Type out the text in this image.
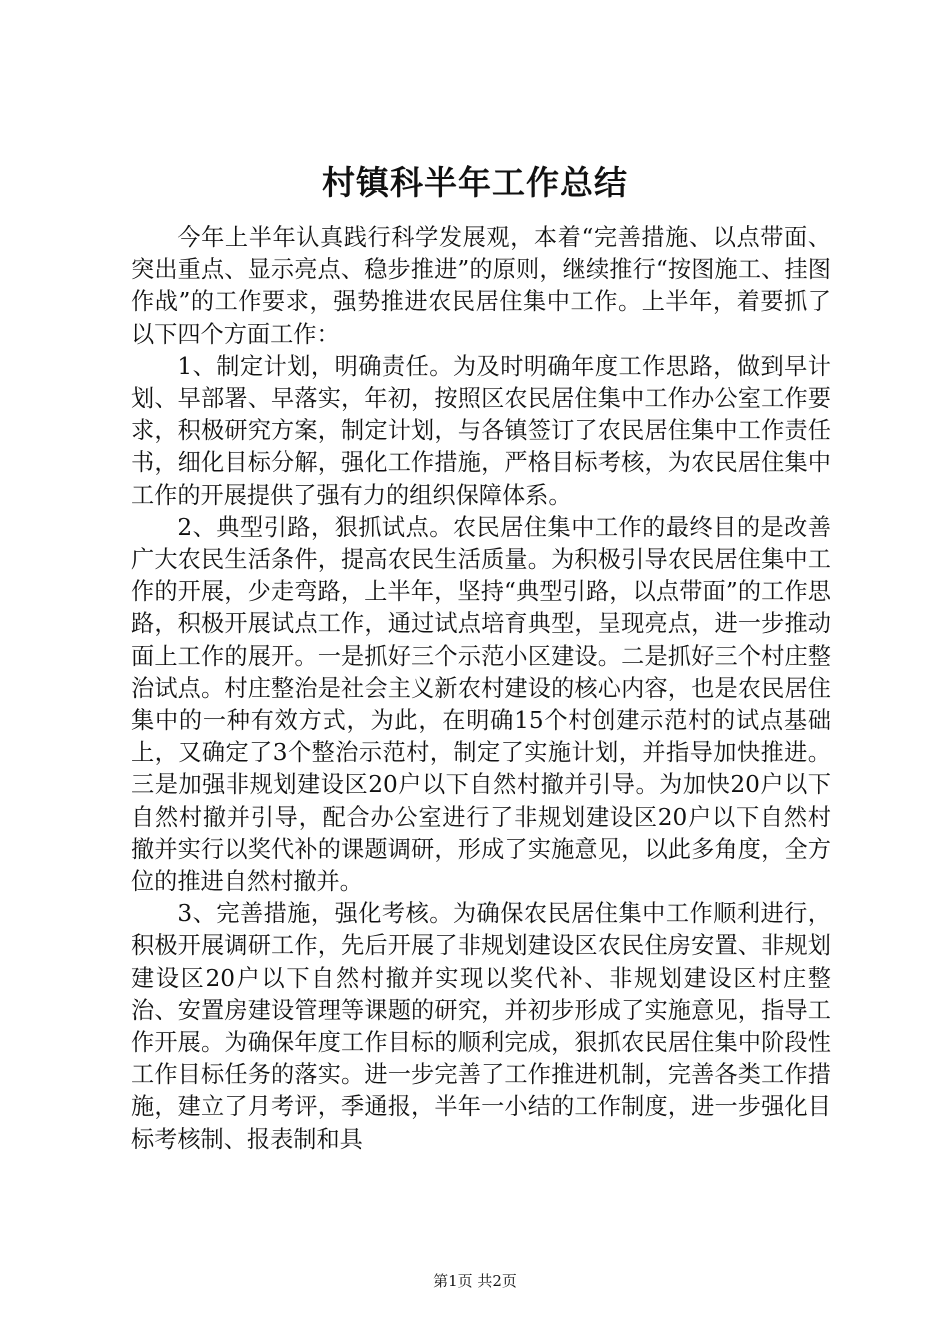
村镇科半年工作总结

今年上半年认真践行科学发展观，本着“完善措施、以点带面、突出重点、显示亮点、稳步推进”的原则，继续推行“按图施工、挂图作战”的工作要求，强势推进农民居住集中工作。上半年，着要抓了以下四个方面工作：

1、制定计划，明确责任。为及时明确年度工作思路，做到早计划、早部署、早落实，年初，按照区农民居住集中工作办公室工作要求，积极研究方案，制定计划，与各镇签订了农民居住集中工作责任书，细化目标分解，强化工作措施，严格目标考核，为农民居住集中工作的开展提供了强有力的组织保障体系。

2、典型引路，狠抓试点。农民居住集中工作的最终目的是改善广大农民生活条件，提高农民生活质量。为积极引导农民居住集中工作的开展，少走弯路，上半年，坚持“典型引路，以点带面”的工作思路，积极开展试点工作，通过试点培育典型，呈现亮点，进一步推动面上工作的展开。一是抓好三个示范小区建设。二是抓好三个村庄整治试点。村庄整治是社会主义新农村建设的核心内容，也是农民居住集中的一种有效方式，为此，在明确15个村创建示范村的试点基础上，又确定了3个整治示范村，制定了实施计划，并指导加快推进。三是加强非规划建设区20户以下自然村撤并引导。为加快20户以下自然村撤并引导，配合办公室进行了非规划建设区20户以下自然村撤并实行以奖代补的课题调研，形成了实施意见，以此多角度，全方位的推进自然村撤并。

3、完善措施，强化考核。为确保农民居住集中工作顺利进行，积极开展调研工作，先后开展了非规划建设区农民住房安置、非规划建设区20户以下自然村撤并实现以奖代补、非规划建设区村庄整治、安置房建设管理等课题的研究，并初步形成了实施意见，指导工作开展。为确保年度工作目标的顺利完成，狠抓农民居住集中阶段性工作目标任务的落实。进一步完善了工作推进机制，完善各类工作措施，建立了月考评，季通报，半年一小结的工作制度，进一步强化目标考核制、报表制和具

第1页 共2页
